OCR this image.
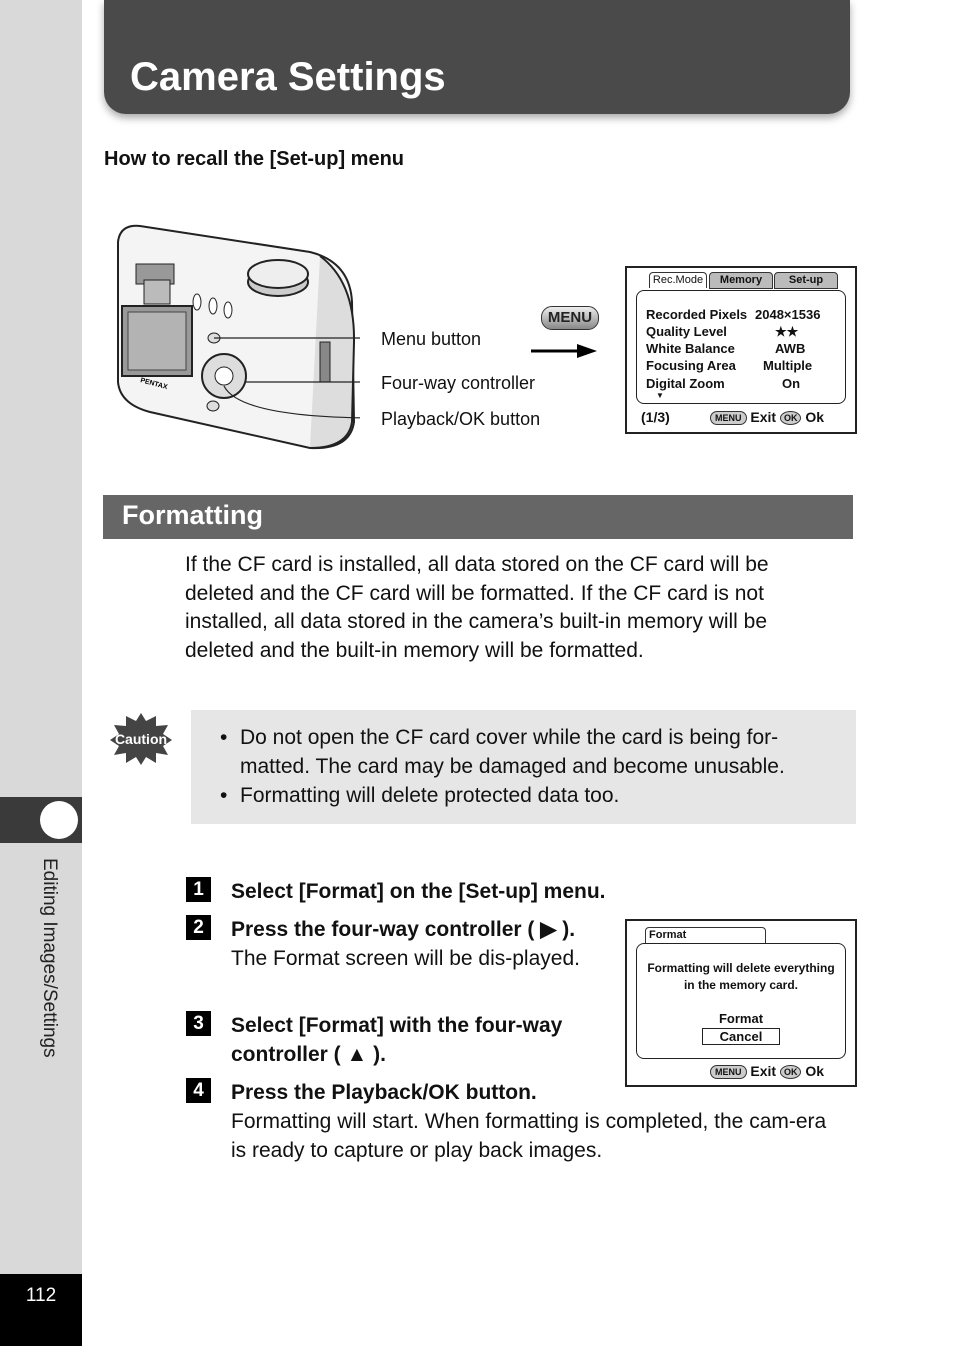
Editing Images/Settings
112
Camera Settings
How to recall the [Set-up] menu
PENTAX
Menu button
Four-way controller
Playback/OK button
MENU
Rec.Mode	Memory	Set-up
Recorded Pixels 2048×1536
Quality Level	★★
White Balance	AWB
Focusing Area Multiple
Digital Zoom	On
▼
(1/3)	MENU Exit OK Ok
Formatting
If the CF card is installed, all data stored on the CF card will be deleted and the CF card will be formatted. If the CF card is not installed, all data stored in the camera’s built-in memory will be deleted and the built-in memory will be formatted.
Caution
•	Do not open the CF card cover while the card is being for-matted. The card may be damaged and become unusable.
• Formatting will delete protected data too.
1	Select [Format] on the [Set-up] menu.
2	Press the four-way controller ( ▶ ).
The Format screen will be dis-played.
3	Select [Format] with the four-way controller ( ▲ ).
4	Press the Playback/OK button.
Formatting will start. When formatting is completed, the cam-era is ready to capture or play back images.
Format
Formatting will delete everything
in the memory card.
Format
Cancel
MENU Exit OK Ok
